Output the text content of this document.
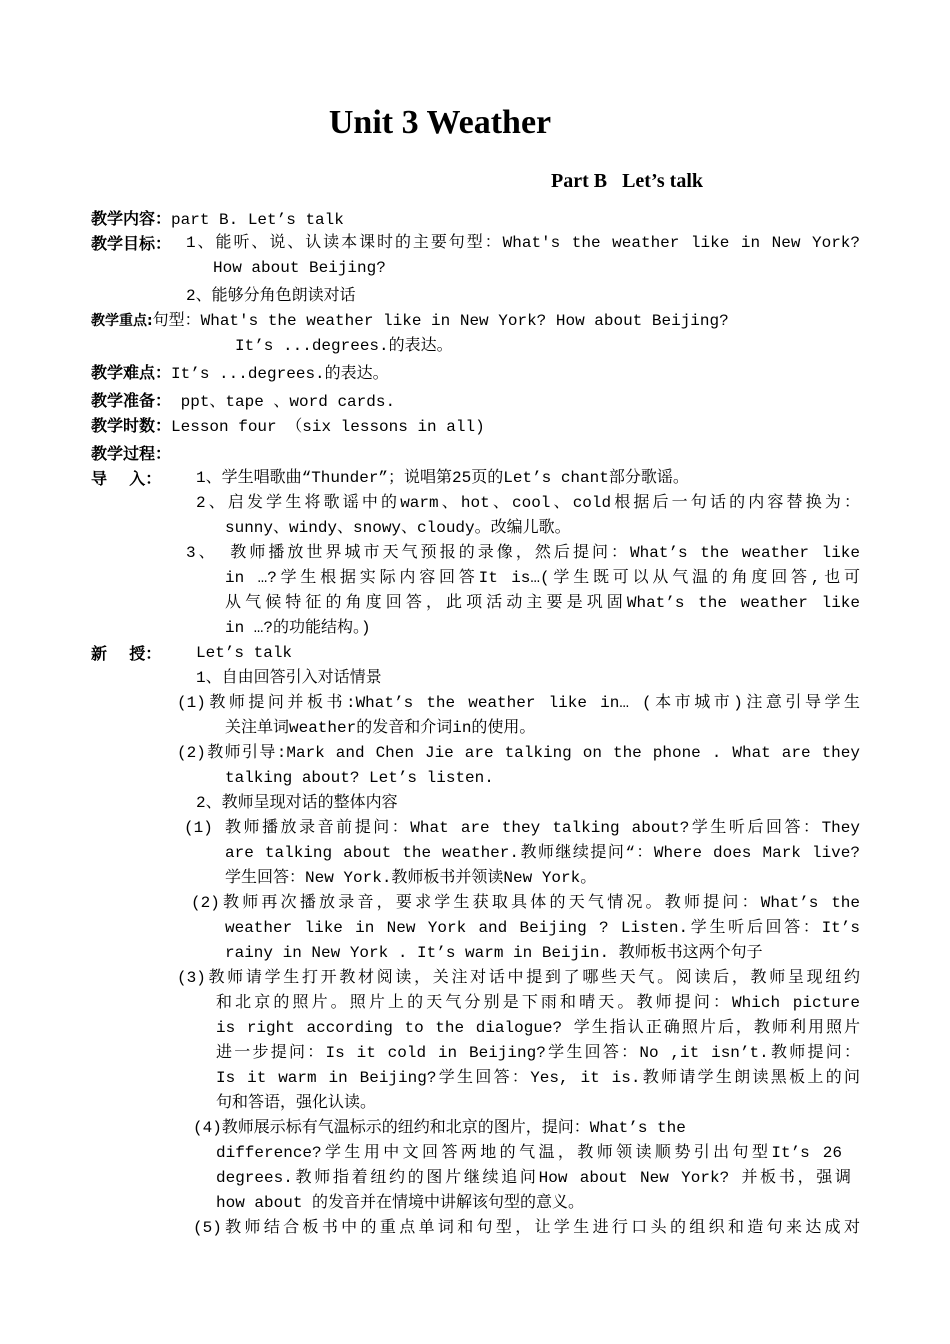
Unit 3 Weather
Part B   Let’s talk
教学内容：part B. Let’s talk
教学目标： 1、能听、说、认读本课时的主要句型：What's the weather like in New York?
How about Beijing?
2、能够分角色朗读对话
教学重点:句型：What's the weather like in New York? How about Beijing?
It’s ...degrees.的表达。
教学难点：It’s ...degrees.的表达。
教学准备： ppt、tape 、word cards.
教学时数：Lesson four （six lessons in all)
教学过程：
导    入： 1、学生唱歌曲“Thunder”；说唱第25页的Let’s chant部分歌谣。
2、启发学生将歌谣中的warm、hot、cool、cold根据后一句话的内容替换为：
sunny、windy、snowy、cloudy。改编儿歌。
3、 教师播放世界城市天气预报的录像，然后提问：What’s the weather like
in …?学生根据实际内容回答It is…(学生既可以从气温的角度回答,也可
从气候特征的角度回答，此项活动主要是巩固What’s the weather like
in …?的功能结构。)
新    授： Let’s talk
1、自由回答引入对话情景
(1)教师提问并板书:What’s the weather like in… (本市城市)注意引导学生
关注单词weather的发音和介词in的使用。
(2)教师引导:Mark and Chen Jie are talking on the phone . What are they
talking about? Let’s listen.
2、教师呈现对话的整体内容
(1) 教师播放录音前提问：What are they talking about?学生听后回答：They
are talking about the weather.教师继续提问“：Where does Mark live?
学生回答：New York.教师板书并领读New York。
(2)教师再次播放录音，要求学生获取具体的天气情况。教师提问：What’s the
weather like in New York and Beijing ? Listen.学生听后回答：It’s
rainy in New York . It’s warm in Beijin. 教师板书这两个句子
(3)教师请学生打开教材阅读，关注对话中提到了哪些天气。阅读后，教师呈现纽约
和北京的照片。照片上的天气分别是下雨和晴天。教师提问：Which picture
is right according to the dialogue? 学生指认正确照片后，教师利用照片
进一步提问：Is it cold in Beijing?学生回答：No ,it isn’t.教师提问：
Is it warm in Beijing?学生回答：Yes, it is.教师请学生朗读黑板上的问
句和答语，强化认读。
(4)教师展示标有气温标示的纽约和北京的图片，提问：What’s the
difference?学生用中文回答两地的气温，教师领读顺势引出句型It’s 26
degrees.教师指着纽约的图片继续追问How about New York? 并板书，强调
how about 的发音并在情境中讲解该句型的意义。
(5)教师结合板书中的重点单词和句型，让学生进行口头的组织和造句来达成对
